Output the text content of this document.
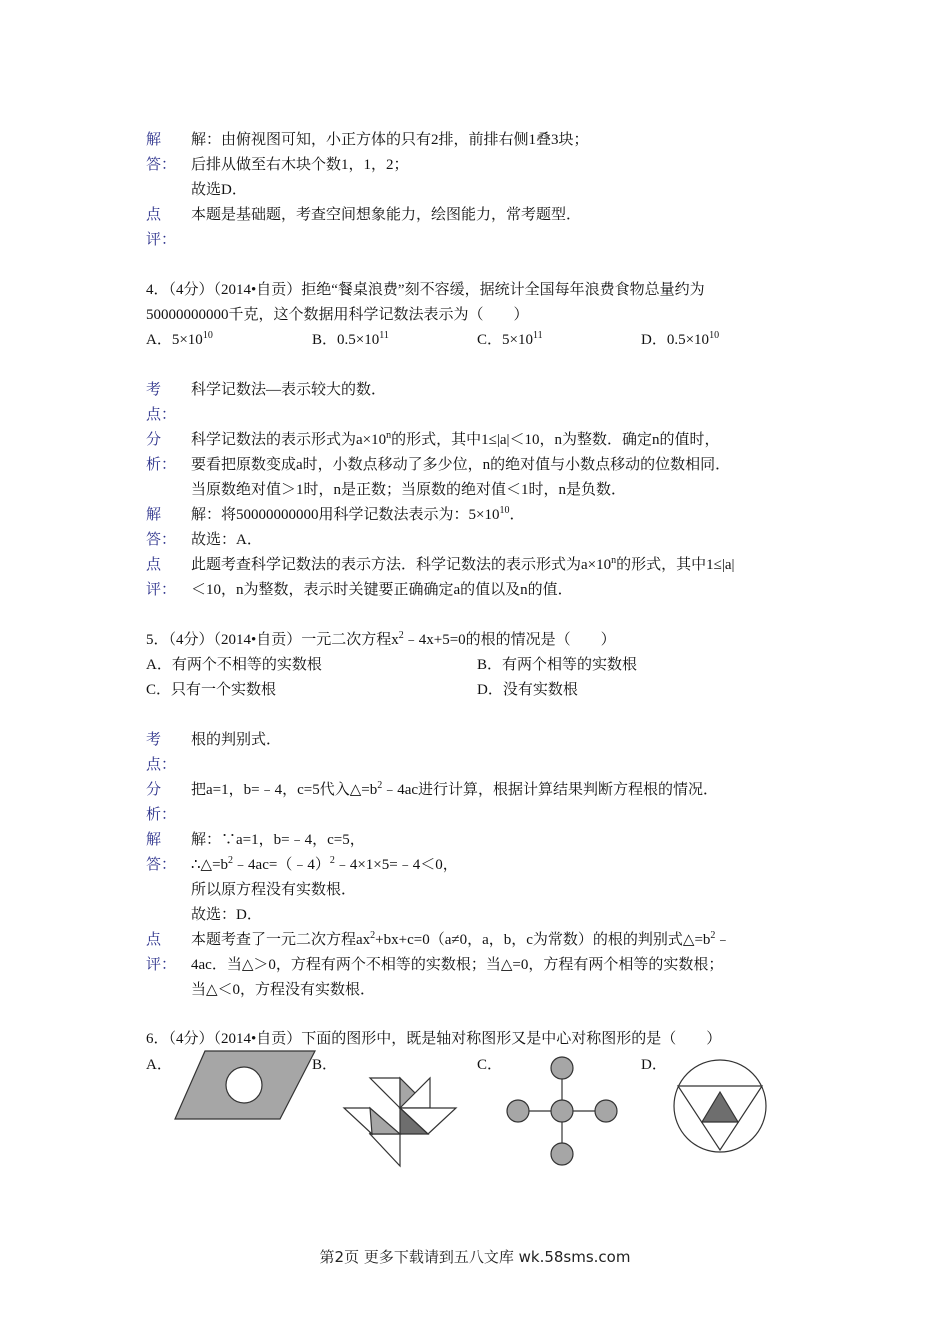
解
答：
解：由俯视图可知，小正方体的只有2排，前排右侧1叠3块；
后排从做至右木块个数1，1，2；
故选D．
点
评：
本题是基础题，考查空间想象能力，绘图能力，常考题型．
4．（4分）（2014•自贡）拒绝“餐桌浪费”刻不容缓，据统计全国每年浪费食物总量约为
50000000000千克，这个数据用科学记数法表示为（　　）
A．$5\times 10^{10}$	B．$0.5\times 10^{11}$	C．$5\times 10^{11}$	D．$0.5\times 10^{10}$
考
点：
科学记数法—表示较大的数．
分
析：
科学记数法的表示形式为$a\times 10^n$的形式，其中1≤|a|＜10，n为整数．确定n的值时，
要看把原数变成a时，小数点移动了多少位，n的绝对值与小数点移动的位数相同．
当原数绝对值＞1时，n是正数；当原数的绝对值＜1时，n是负数．
解
答：
解：将50000000000用科学记数法表示为：$5\times 10^{10}$．
故选：A．
点
评：
此题考查科学记数法的表示方法．科学记数法的表示形式为$a\times 10^n$的形式，其中1≤|a|
＜10，n为整数，表示时关键要正确确定a的值以及n的值．
5．（4分）（2014•自贡）一元二次方程$x^2﹣4x+5=0$的根的情况是（　　）
A．有两个不相等的实数根	B．有两个相等的实数根
C．只有一个实数根	D．没有实数根
考
点：
根的判别式．
分
析：
把a=1，b=﹣4，c=5代入$\triangle=b^2﹣4ac$进行计算，根据计算结果判断方程根的情况．
解
答：
解：∵a=1，b=﹣4，c=5，
$\therefore\triangle=b^2﹣4ac=(﹣4)^2﹣4\times 1\times 5=﹣4<0$，
所以原方程没有实数根．
故选：D．
点
评：
本题考查了一元二次方程$ax^2+bx+c=0(a\ne 0$，a，b，c为常数）的根的判别式$\triangle=b^2﹣$
4ac．当△＞0，方程有两个不相等的实数根；当△=0，方程有两个相等的实数根；
当△＜0，方程没有实数根．
6．（4分）（2014•自贡）下面的图形中，既是轴对称图形又是中心对称图形的是（　　）
A．	B．	C．	D．
第2页 更多下载请到五八文库 wk.58sms.com
